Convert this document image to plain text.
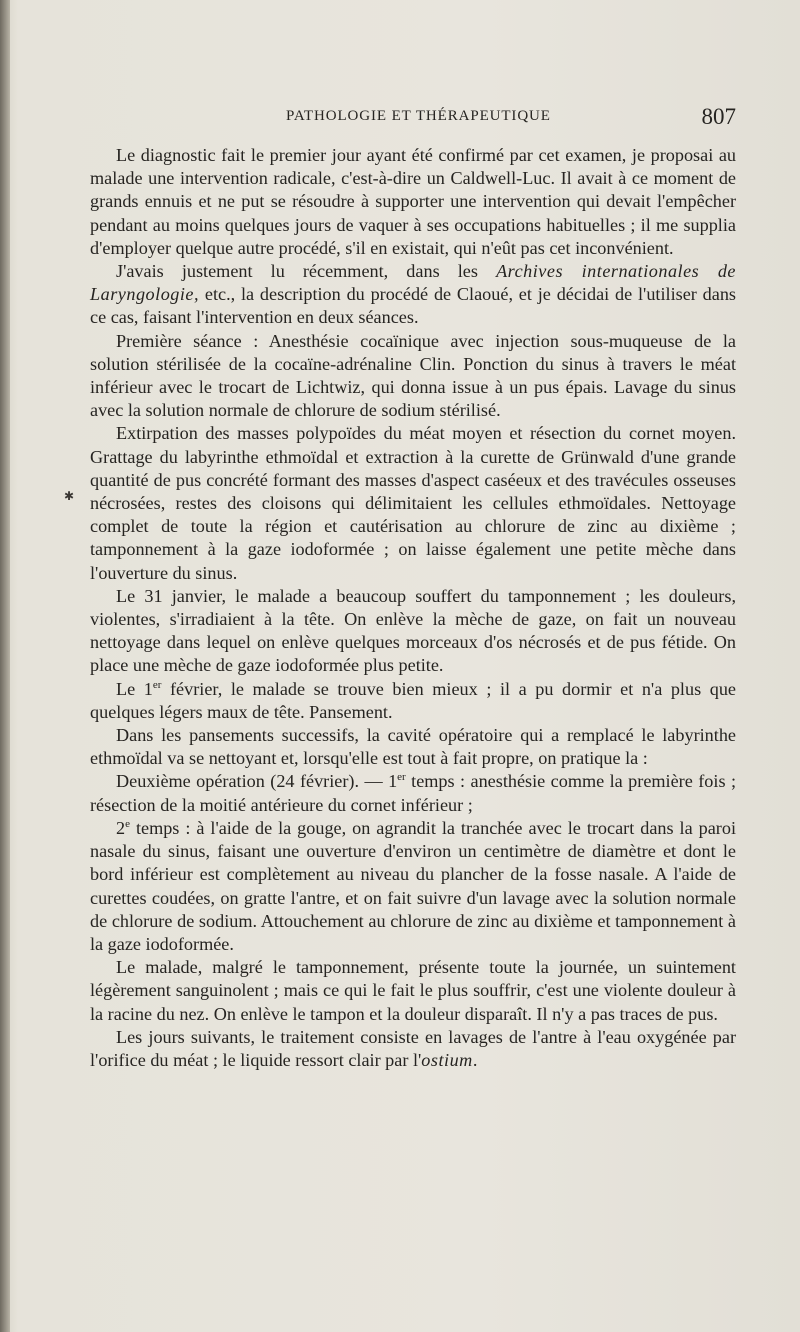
PATHOLOGIE ET THÉRAPEUTIQUE	807
✱

Le diagnostic fait le premier jour ayant été confirmé par cet examen, je proposai au malade une intervention radicale, c'est-à-dire un Caldwell-Luc. Il avait à ce moment de grands ennuis et ne put se résoudre à supporter une intervention qui devait l'empêcher pendant au moins quelques jours de vaquer à ses occupations habituelles ; il me supplia d'employer quelque autre procédé, s'il en existait, qui n'eût pas cet inconvénient.

J'avais justement lu récemment, dans les Archives internationales de Laryngologie, etc., la description du procédé de Claoué, et je décidai de l'utiliser dans ce cas, faisant l'intervention en deux séances.

Première séance : Anesthésie cocaïnique avec injection sous-muqueuse de la solution stérilisée de la cocaïne-adrénaline Clin. Ponction du sinus à travers le méat inférieur avec le trocart de Lichtwiz, qui donna issue à un pus épais. Lavage du sinus avec la solution normale de chlorure de sodium stérilisé.

Extirpation des masses polypoïdes du méat moyen et résection du cornet moyen. Grattage du labyrinthe ethmoïdal et extraction à la curette de Grünwald d'une grande quantité de pus concrété formant des masses d'aspect caséeux et des travécules osseuses nécrosées, restes des cloisons qui délimitaient les cellules ethmoïdales. Nettoyage complet de toute la région et cautérisation au chlorure de zinc au dixième ; tamponnement à la gaze iodoformée ; on laisse également une petite mèche dans l'ouverture du sinus.

Le 31 janvier, le malade a beaucoup souffert du tamponnement ; les douleurs, violentes, s'irradiaient à la tête. On enlève la mèche de gaze, on fait un nouveau nettoyage dans lequel on enlève quelques morceaux d'os nécrosés et de pus fétide. On place une mèche de gaze iodoformée plus petite.

Le 1er février, le malade se trouve bien mieux ; il a pu dormir et n'a plus que quelques légers maux de tête. Pansement.

Dans les pansements successifs, la cavité opératoire qui a remplacé le labyrinthe ethmoïdal va se nettoyant et, lorsqu'elle est tout à fait propre, on pratique la :

Deuxième opération (24 février). — 1er temps : anesthésie comme la première fois ; résection de la moitié antérieure du cornet inférieur ;

2e temps : à l'aide de la gouge, on agrandit la tranchée avec le trocart dans la paroi nasale du sinus, faisant une ouverture d'environ un centimètre de diamètre et dont le bord inférieur est complètement au niveau du plancher de la fosse nasale. A l'aide de curettes coudées, on gratte l'antre, et on fait suivre d'un lavage avec la solution normale de chlorure de sodium. Attouchement au chlorure de zinc au dixième et tamponnement à la gaze iodoformée.

Le malade, malgré le tamponnement, présente toute la journée, un suintement légèrement sanguinolent ; mais ce qui le fait le plus souffrir, c'est une violente douleur à la racine du nez. On enlève le tampon et la douleur disparaît. Il n'y a pas traces de pus.

Les jours suivants, le traitement consiste en lavages de l'antre à l'eau oxygénée par l'orifice du méat ; le liquide ressort clair par l'ostium.
